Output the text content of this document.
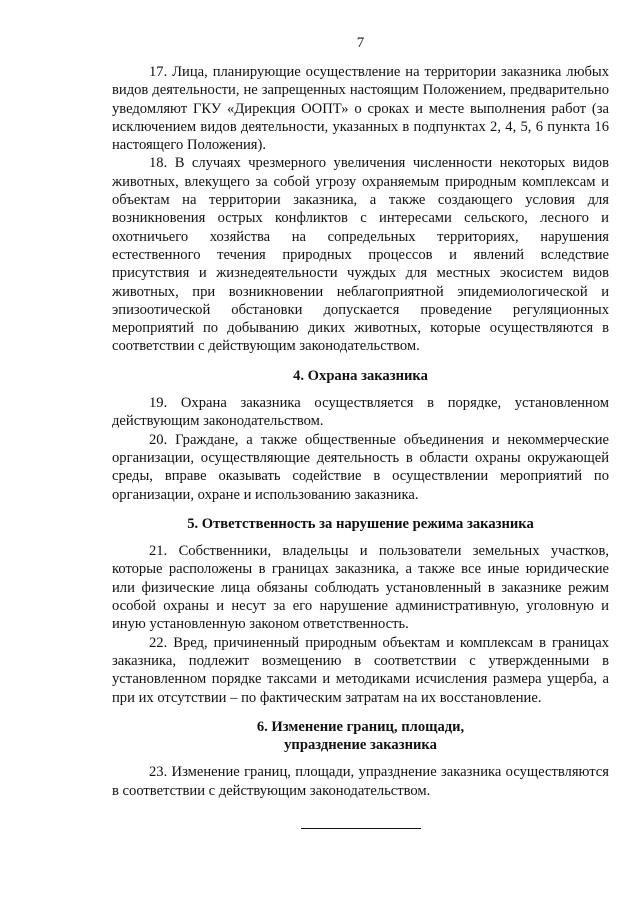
7

17. Лица, планирующие осуществление на территории заказника любых видов деятельности, не запрещенных настоящим Положением, предварительно уведомляют ГКУ «Дирекция ООПТ» о сроках и месте выполнения работ (за исключением видов деятельности, указанных в подпунктах 2, 4, 5, 6 пункта 16 настоящего Положения).

18. В случаях чрезмерного увеличения численности некоторых видов животных, влекущего за собой угрозу охраняемым природным комплексам и объектам на территории заказника, а также создающего условия для возникновения острых конфликтов с интересами сельского, лесного и охотничьего хозяйства на сопредельных территориях, нарушения естественного течения природных процессов и явлений вследствие присутствия и жизнедеятельности чуждых для местных экосистем видов животных, при возникновении неблагоприятной эпидемиологической и эпизоотической обстановки допускается проведение регуляционных мероприятий по добыванию диких животных, которые осуществляются в соответствии с действующим законодательством.

4. Охрана заказника

19. Охрана заказника осуществляется в порядке, установленном действующим законодательством.

20. Граждане, а также общественные объединения и некоммерческие организации, осуществляющие деятельность в области охраны окружающей среды, вправе оказывать содействие в осуществлении мероприятий по организации, охране и использованию заказника.

5. Ответственность за нарушение режима заказника

21. Собственники, владельцы и пользователи земельных участков, которые расположены в границах заказника, а также все иные юридические или физические лица обязаны соблюдать установленный в заказнике режим особой охраны и несут за его нарушение административную, уголовную и иную установленную законом ответственность.

22. Вред, причиненный природным объектам и комплексам в границах заказника, подлежит возмещению в соответствии с утвержденными в установленном порядке таксами и методиками исчисления размера ущерба, а при их отсутствии – по фактическим затратам на их восстановление.

6. Изменение границ, площади,
упразднение заказника

23. Изменение границ, площади, упразднение заказника осуществляются в соответствии с действующим законодательством.
